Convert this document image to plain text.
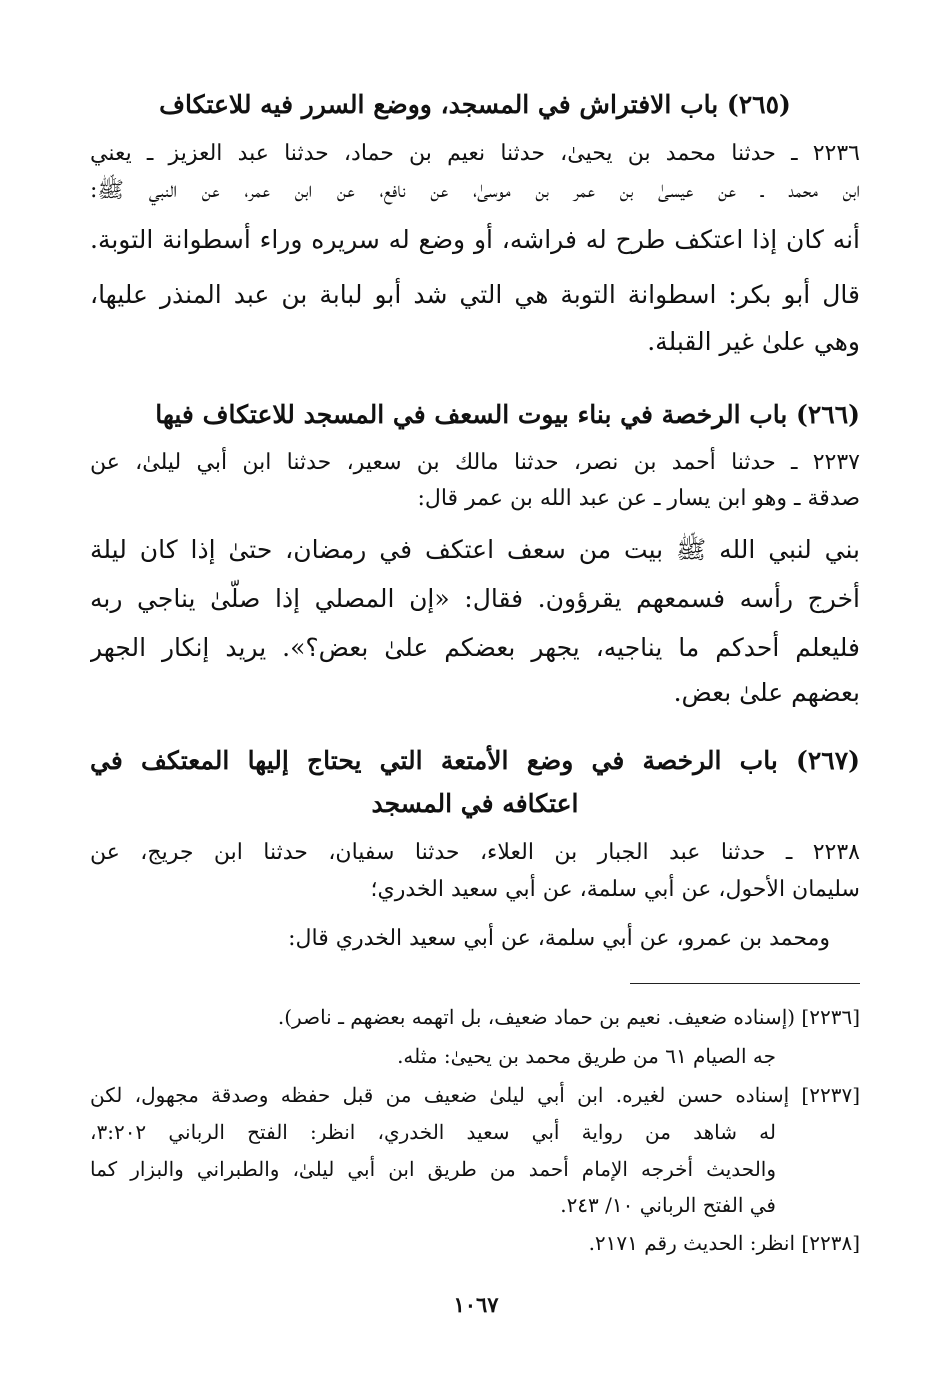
(٢٦٥) باب الافتراش في المسجد، ووضع السرر فيه للاعتكاف
٢٢٣٦ ـ حدثنا محمد بن يحيىٰ، حدثنا نعيم بن حماد، حدثنا عبد العزيز ـ يعني
ابن محمد ـ عن عيسىٰ بن عمر بن موسىٰ، عن نافع، عن ابن عمر، عن النبي ﷺ:
أنه كان إذا اعتكف طرح له فراشه، أو وضع له سريره وراء أسطوانة التوبة.
قال أبو بكر: اسطوانة التوبة هي التي شد أبو لبابة بن عبد المنذر عليها،
وهي علىٰ غير القبلة.
(٢٦٦) باب الرخصة في بناء بيوت السعف في المسجد للاعتكاف فيها
٢٢٣٧ ـ حدثنا أحمد بن نصر، حدثنا مالك بن سعير، حدثنا ابن أبي ليلىٰ، عن
صدقة ـ وهو ابن يسار ـ عن عبد الله بن عمر قال:
بني لنبي الله ﷺ بيت من سعف اعتكف في رمضان، حتىٰ إذا كان ليلة
أخرج رأسه فسمعهم يقرؤون. فقال: «إن المصلي إذا صلّىٰ يناجي ربه
فليعلم أحدكم ما يناجيه، يجهر بعضكم علىٰ بعض؟». يريد إنكار الجهر
بعضهم علىٰ بعض.
(٢٦٧) باب الرخصة في وضع الأمتعة التي يحتاج إليها المعتكف في
اعتكافه في المسجد
٢٢٣٨ ـ حدثنا عبد الجبار بن العلاء، حدثنا سفيان، حدثنا ابن جريج، عن
سليمان الأحول، عن أبي سلمة، عن أبي سعيد الخدري؛
ومحمد بن عمرو، عن أبي سلمة، عن أبي سعيد الخدري قال:
[٢٢٣٦] (إسناده ضعيف. نعيم بن حماد ضعيف، بل اتهمه بعضهم ـ ناصر).
جه الصيام ٦١ من طريق محمد بن يحيىٰ: مثله.
[٢٢٣٧] إسناده حسن لغيره. ابن أبي ليلىٰ ضعيف من قبل حفظه وصدقة مجهول، لكن
له شاهد من رواية أبي سعيد الخدري، انظر: الفتح الرباني ٣:٢٠٢،
والحديث أخرجه الإمام أحمد من طريق ابن أبي ليلىٰ، والطبراني والبزار كما
في الفتح الرباني ١٠/ ٢٤٣.
[٢٢٣٨] انظر: الحديث رقم ٢١٧١.
١٠٦٧
